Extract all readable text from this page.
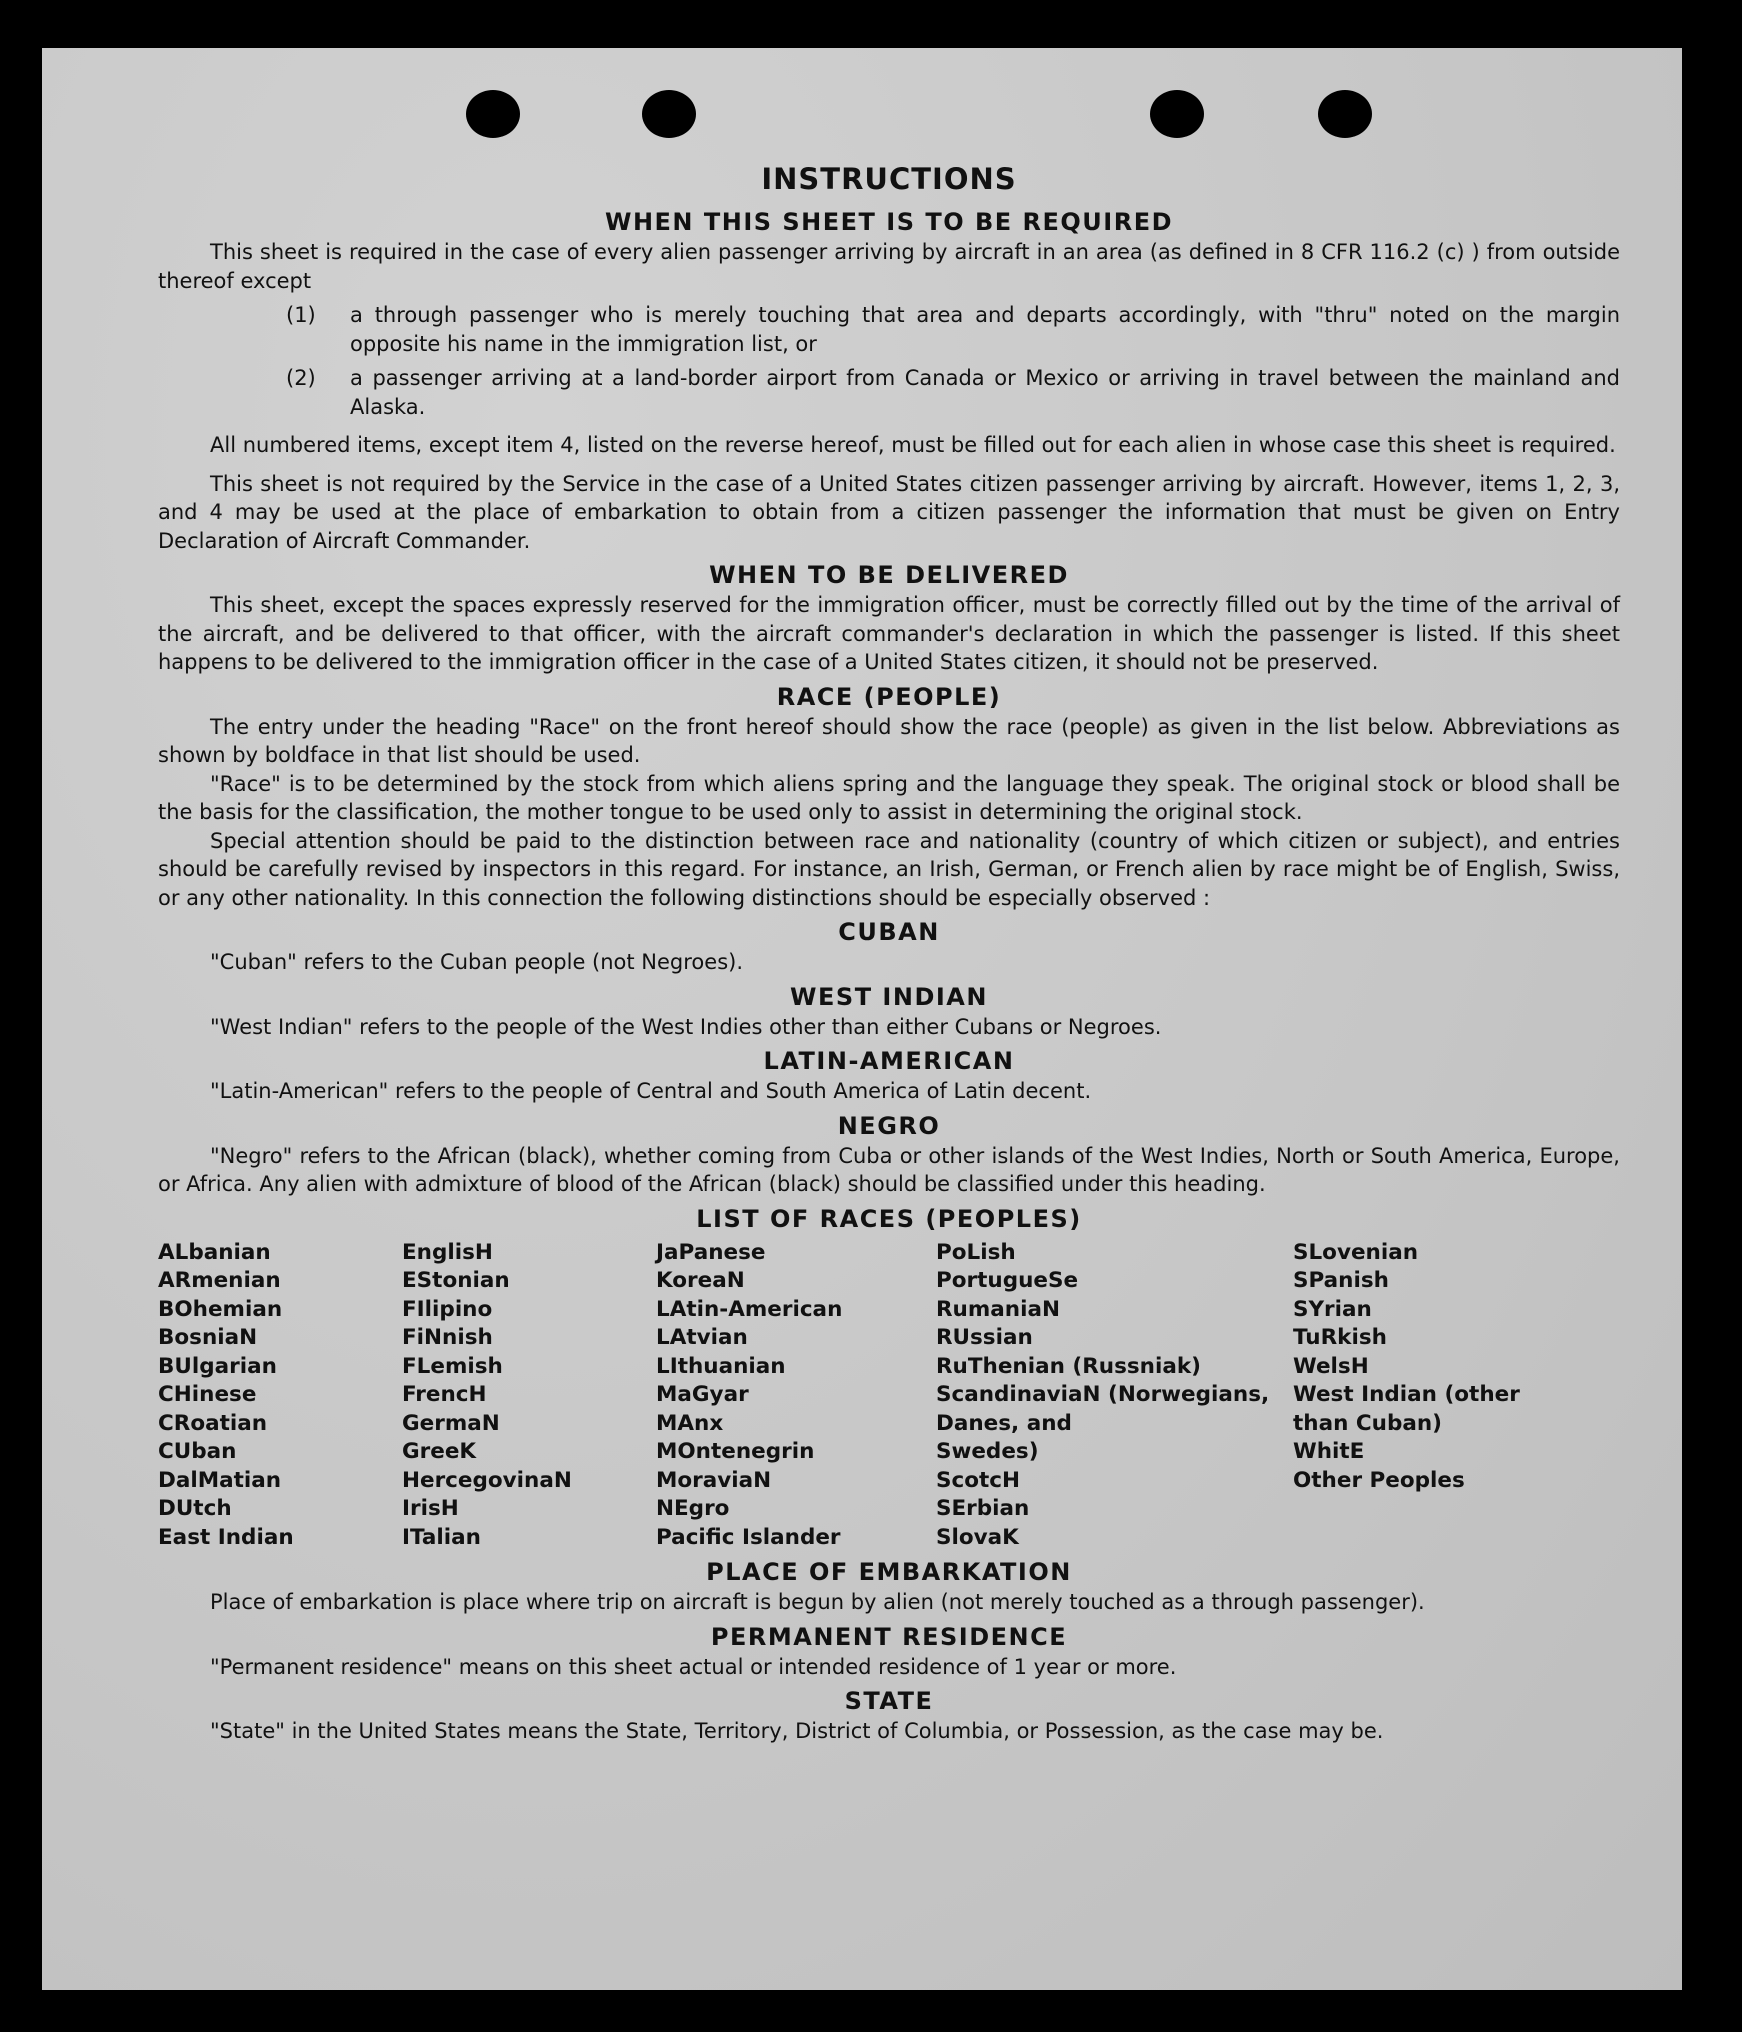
INSTRUCTIONS
WHEN THIS SHEET IS TO BE REQUIRED

This sheet is required in the case of every alien passenger arriving by aircraft in an area (as defined in 8 CFR 116.2 (c) ) from outside thereof except

(1)	a through passenger who is merely touching that area and departs accordingly, with "thru" noted on the margin opposite his name in the immigration list, or
(2)	a passenger arriving at a land-border airport from Canada or Mexico or arriving in travel between the mainland and Alaska.

All numbered items, except item 4, listed on the reverse hereof, must be filled out for each alien in whose case this sheet is required.

This sheet is not required by the Service in the case of a United States citizen passenger arriving by aircraft. However, items 1, 2, 3, and 4 may be used at the place of embarkation to obtain from a citizen passenger the information that must be given on Entry Declaration of Aircraft Commander.

WHEN TO BE DELIVERED

This sheet, except the spaces expressly reserved for the immigration officer, must be correctly filled out by the time of the arrival of the aircraft, and be delivered to that officer, with the aircraft commander's declaration in which the passenger is listed. If this sheet happens to be delivered to the immigration officer in the case of a United States citizen, it should not be preserved.

RACE (PEOPLE)

The entry under the heading "Race" on the front hereof should show the race (people) as given in the list below. Abbreviations as shown by boldface in that list should be used.

"Race" is to be determined by the stock from which aliens spring and the language they speak. The original stock or blood shall be the basis for the classification, the mother tongue to be used only to assist in determining the original stock.

Special attention should be paid to the distinction between race and nationality (country of which citizen or subject), and entries should be carefully revised by inspectors in this regard. For instance, an Irish, German, or French alien by race might be of English, Swiss, or any other nationality. In this connection the following distinctions should be especially observed :

CUBAN

"Cuban" refers to the Cuban people (not Negroes).

WEST INDIAN

"West Indian" refers to the people of the West Indies other than either Cubans or Negroes.

LATIN-AMERICAN

"Latin-American" refers to the people of Central and South America of Latin decent.

NEGRO

"Negro" refers to the African (black), whether coming from Cuba or other islands of the West Indies, North or South America, Europe, or Africa. Any alien with admixture of blood of the African (black) should be classified under this heading.

LIST OF RACES (PEOPLES)
ALbanian
ARmenian
BOhemian
BosniaN
BUlgarian
CHinese
CRoatian
CUban
DalMatian
DUtch
East Indian
EnglisH
EStonian
FIlipino
FiNnish
FLemish
FrencH
GermaN
GreeK
HercegovinaN
IrisH
ITalian
JaPanese
KoreaN
LAtin-American
LAtvian
LIthuanian
MaGyar
MAnx
MOntenegrin
MoraviaN
NEgro
Pacific Islander
PoLish
PortugueSe
RumaniaN
RUssian
RuThenian (Russniak)
ScandinaviaN (Norwegians,
Danes, and
Swedes)
ScotcH
SErbian
SlovaK
SLovenian
SPanish
SYrian
TuRkish
WelsH
West Indian (other
than Cuban)
WhitE
Other Peoples
PLACE OF EMBARKATION

Place of embarkation is place where trip on aircraft is begun by alien (not merely touched as a through passenger).

PERMANENT RESIDENCE

"Permanent residence" means on this sheet actual or intended residence of 1 year or more.

STATE

"State" in the United States means the State, Territory, District of Columbia, or Possession, as the case may be.
